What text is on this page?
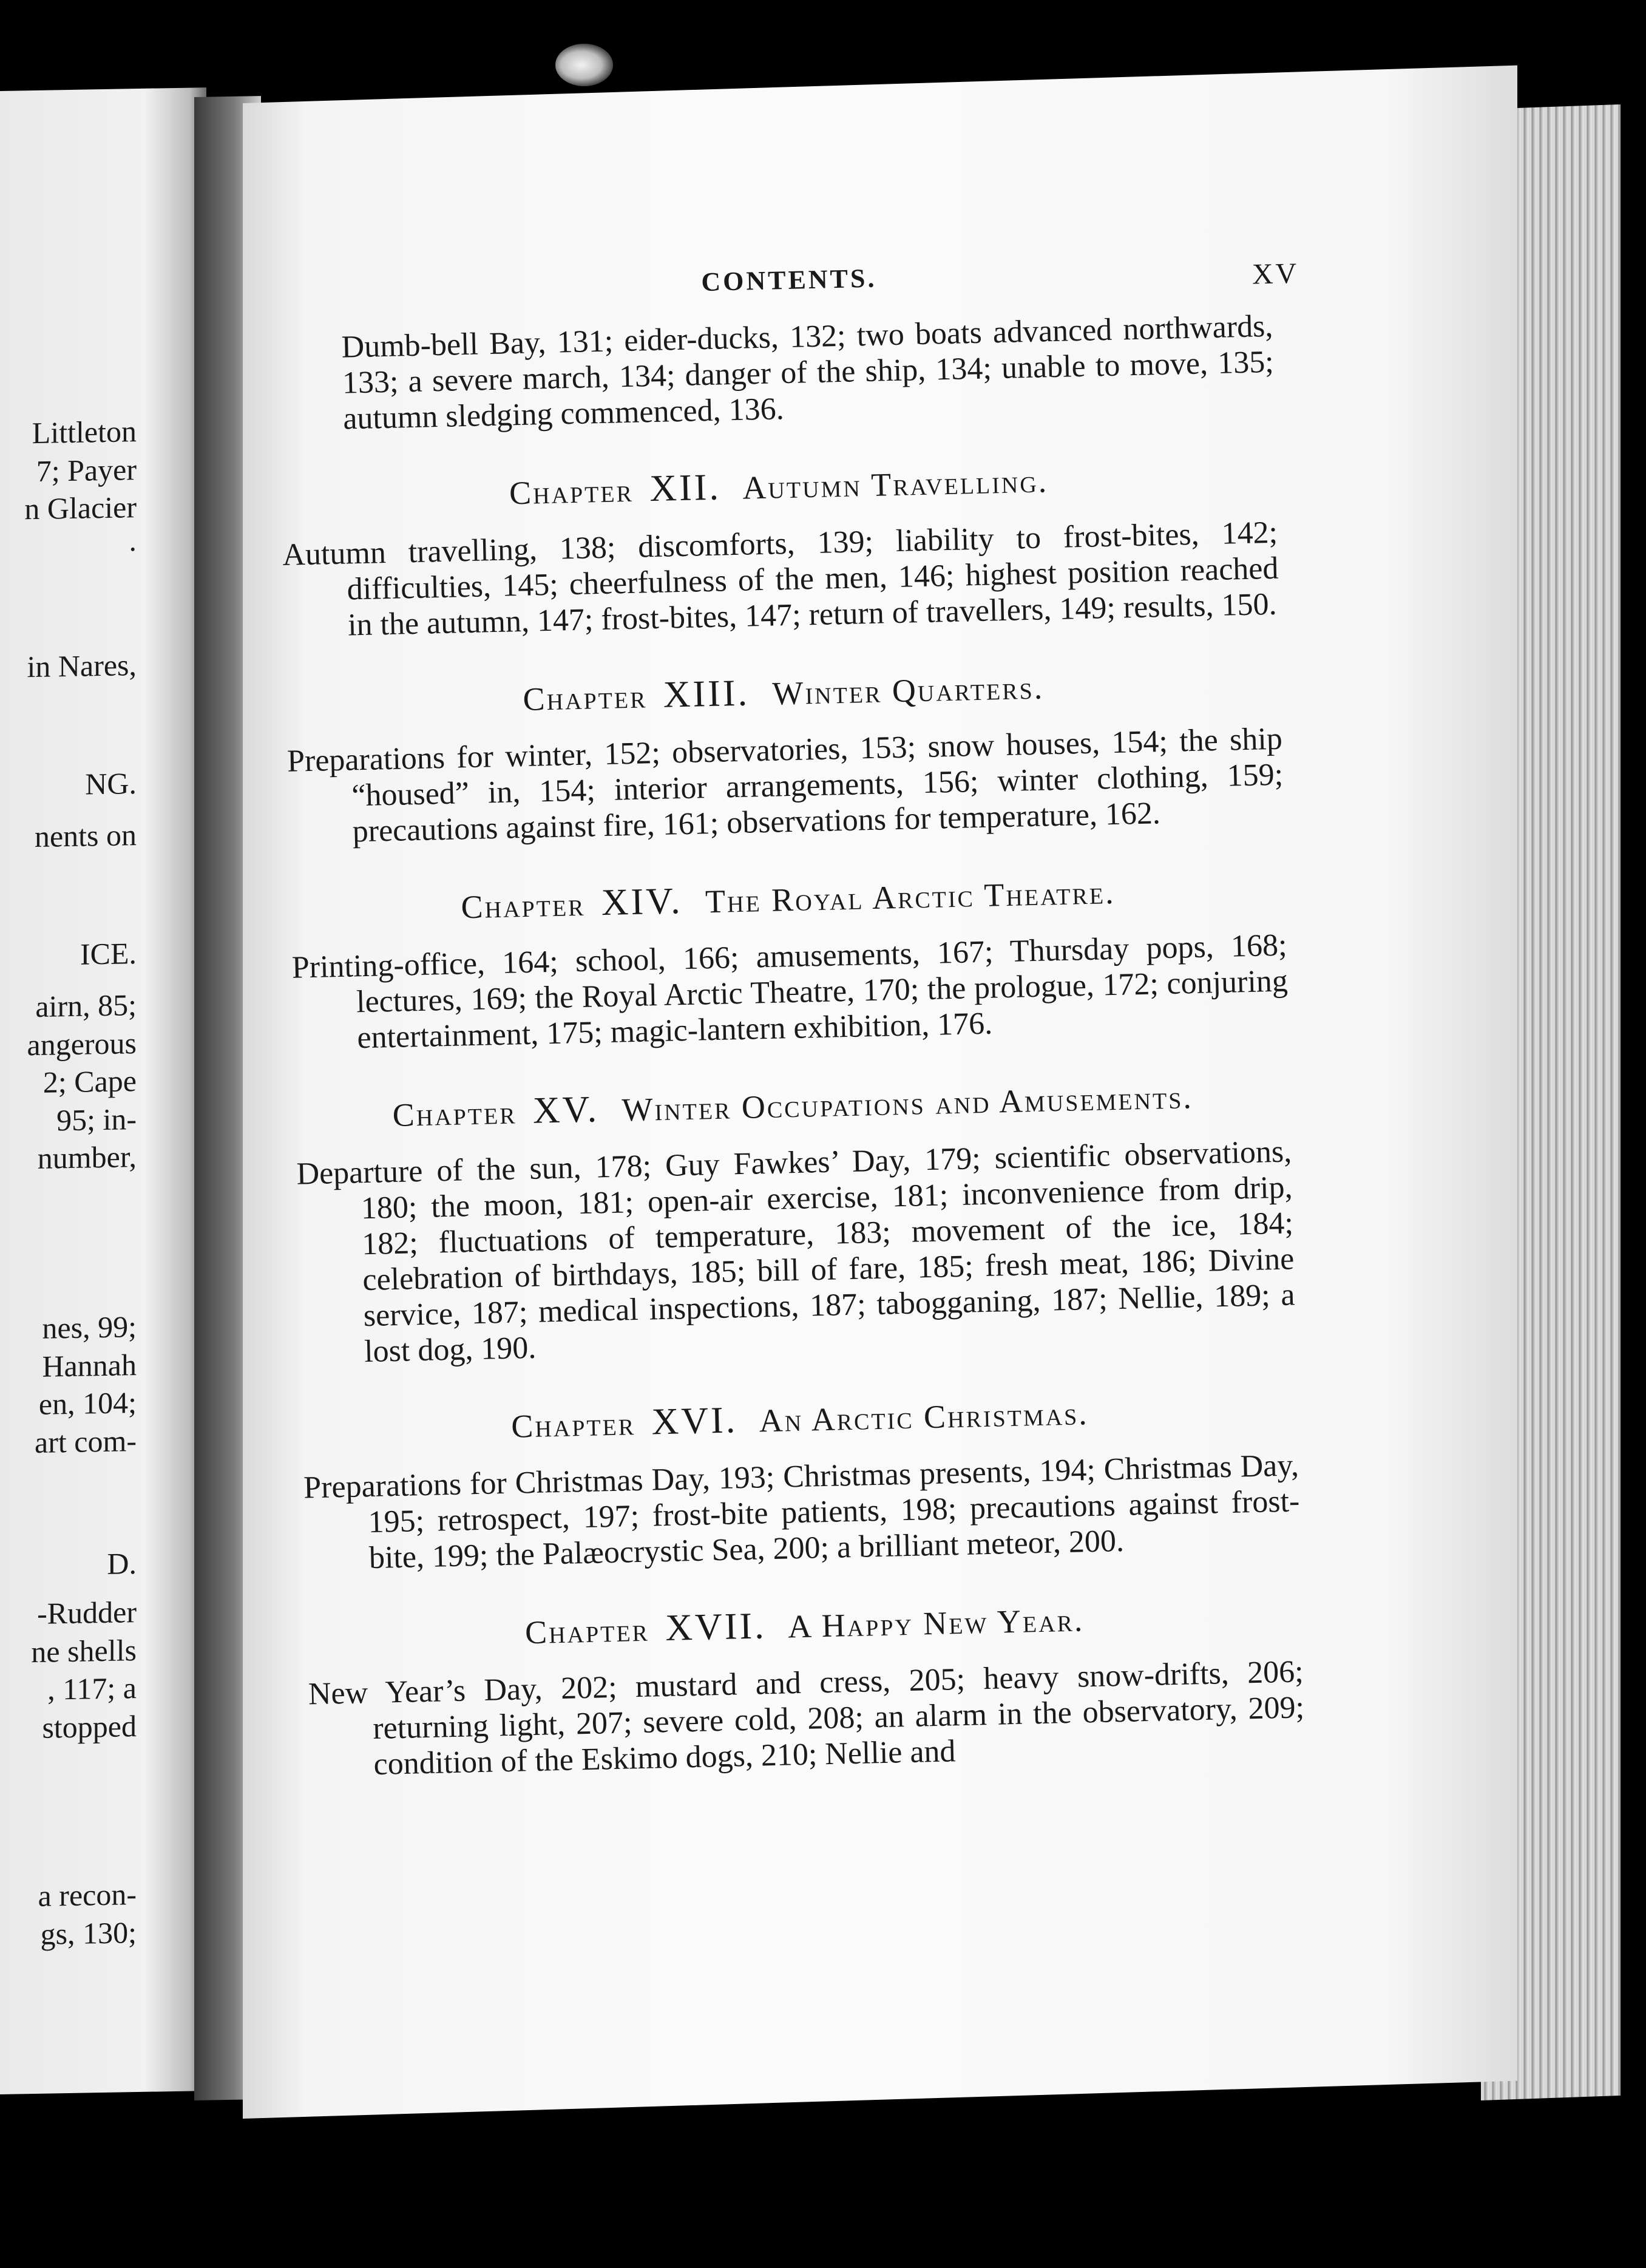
Littleton
7; Payer
n Glacier
.
in Nares,
NG.
nents on
ICE.
airn, 85;
angerous
2; Cape
95; in-
number,
nes, 99;
Hannah
en, 104;
art com-
D.
-Rudder
ne shells
, 117; a
stopped
a recon-
gs, 130;
CONTENTS.	XV

Dumb-bell Bay, 131; eider-ducks, 132; two boats advanced northwards, 133; a severe march, 134; danger of the ship, 134; unable to move, 135; autumn sledging commenced, 136.

Chapter XII. Autumn Travelling.

Autumn travelling, 138; discomforts, 139; liability to frost-bites, 142; difficulties, 145; cheerfulness of the men, 146; highest position reached in the autumn, 147; frost-bites, 147; return of travellers, 149; results, 150.

Chapter XIII. Winter Quarters.

Preparations for winter, 152; observatories, 153; snow houses, 154; the ship “housed” in, 154; interior arrangements, 156; winter clothing, 159; precautions against fire, 161; observations for temperature, 162.

Chapter XIV. The Royal Arctic Theatre.

Printing-office, 164; school, 166; amusements, 167; Thursday pops, 168; lectures, 169; the Royal Arctic Theatre, 170; the prologue, 172; conjuring entertainment, 175; magic-lantern exhibition, 176.

Chapter XV. Winter Occupations and Amusements.

Departure of the sun, 178; Guy Fawkes’ Day, 179; scientific observations, 180; the moon, 181; open-air exercise, 181; inconvenience from drip, 182; fluctuations of temperature, 183; movement of the ice, 184; celebration of birthdays, 185; bill of fare, 185; fresh meat, 186; Divine service, 187; medical inspections, 187; tabogganing, 187; Nellie, 189; a lost dog, 190.

Chapter XVI. An Arctic Christmas.

Preparations for Christmas Day, 193; Christmas presents, 194; Christmas Day, 195; retrospect, 197; frost-bite patients, 198; precautions against frost-bite, 199; the Palæocrystic Sea, 200; a brilliant meteor, 200.

Chapter XVII. A Happy New Year.

New Year’s Day, 202; mustard and cress, 205; heavy snow-drifts, 206; returning light, 207; severe cold, 208; an alarm in the observatory, 209; condition of the Eskimo dogs, 210; Nellie and
